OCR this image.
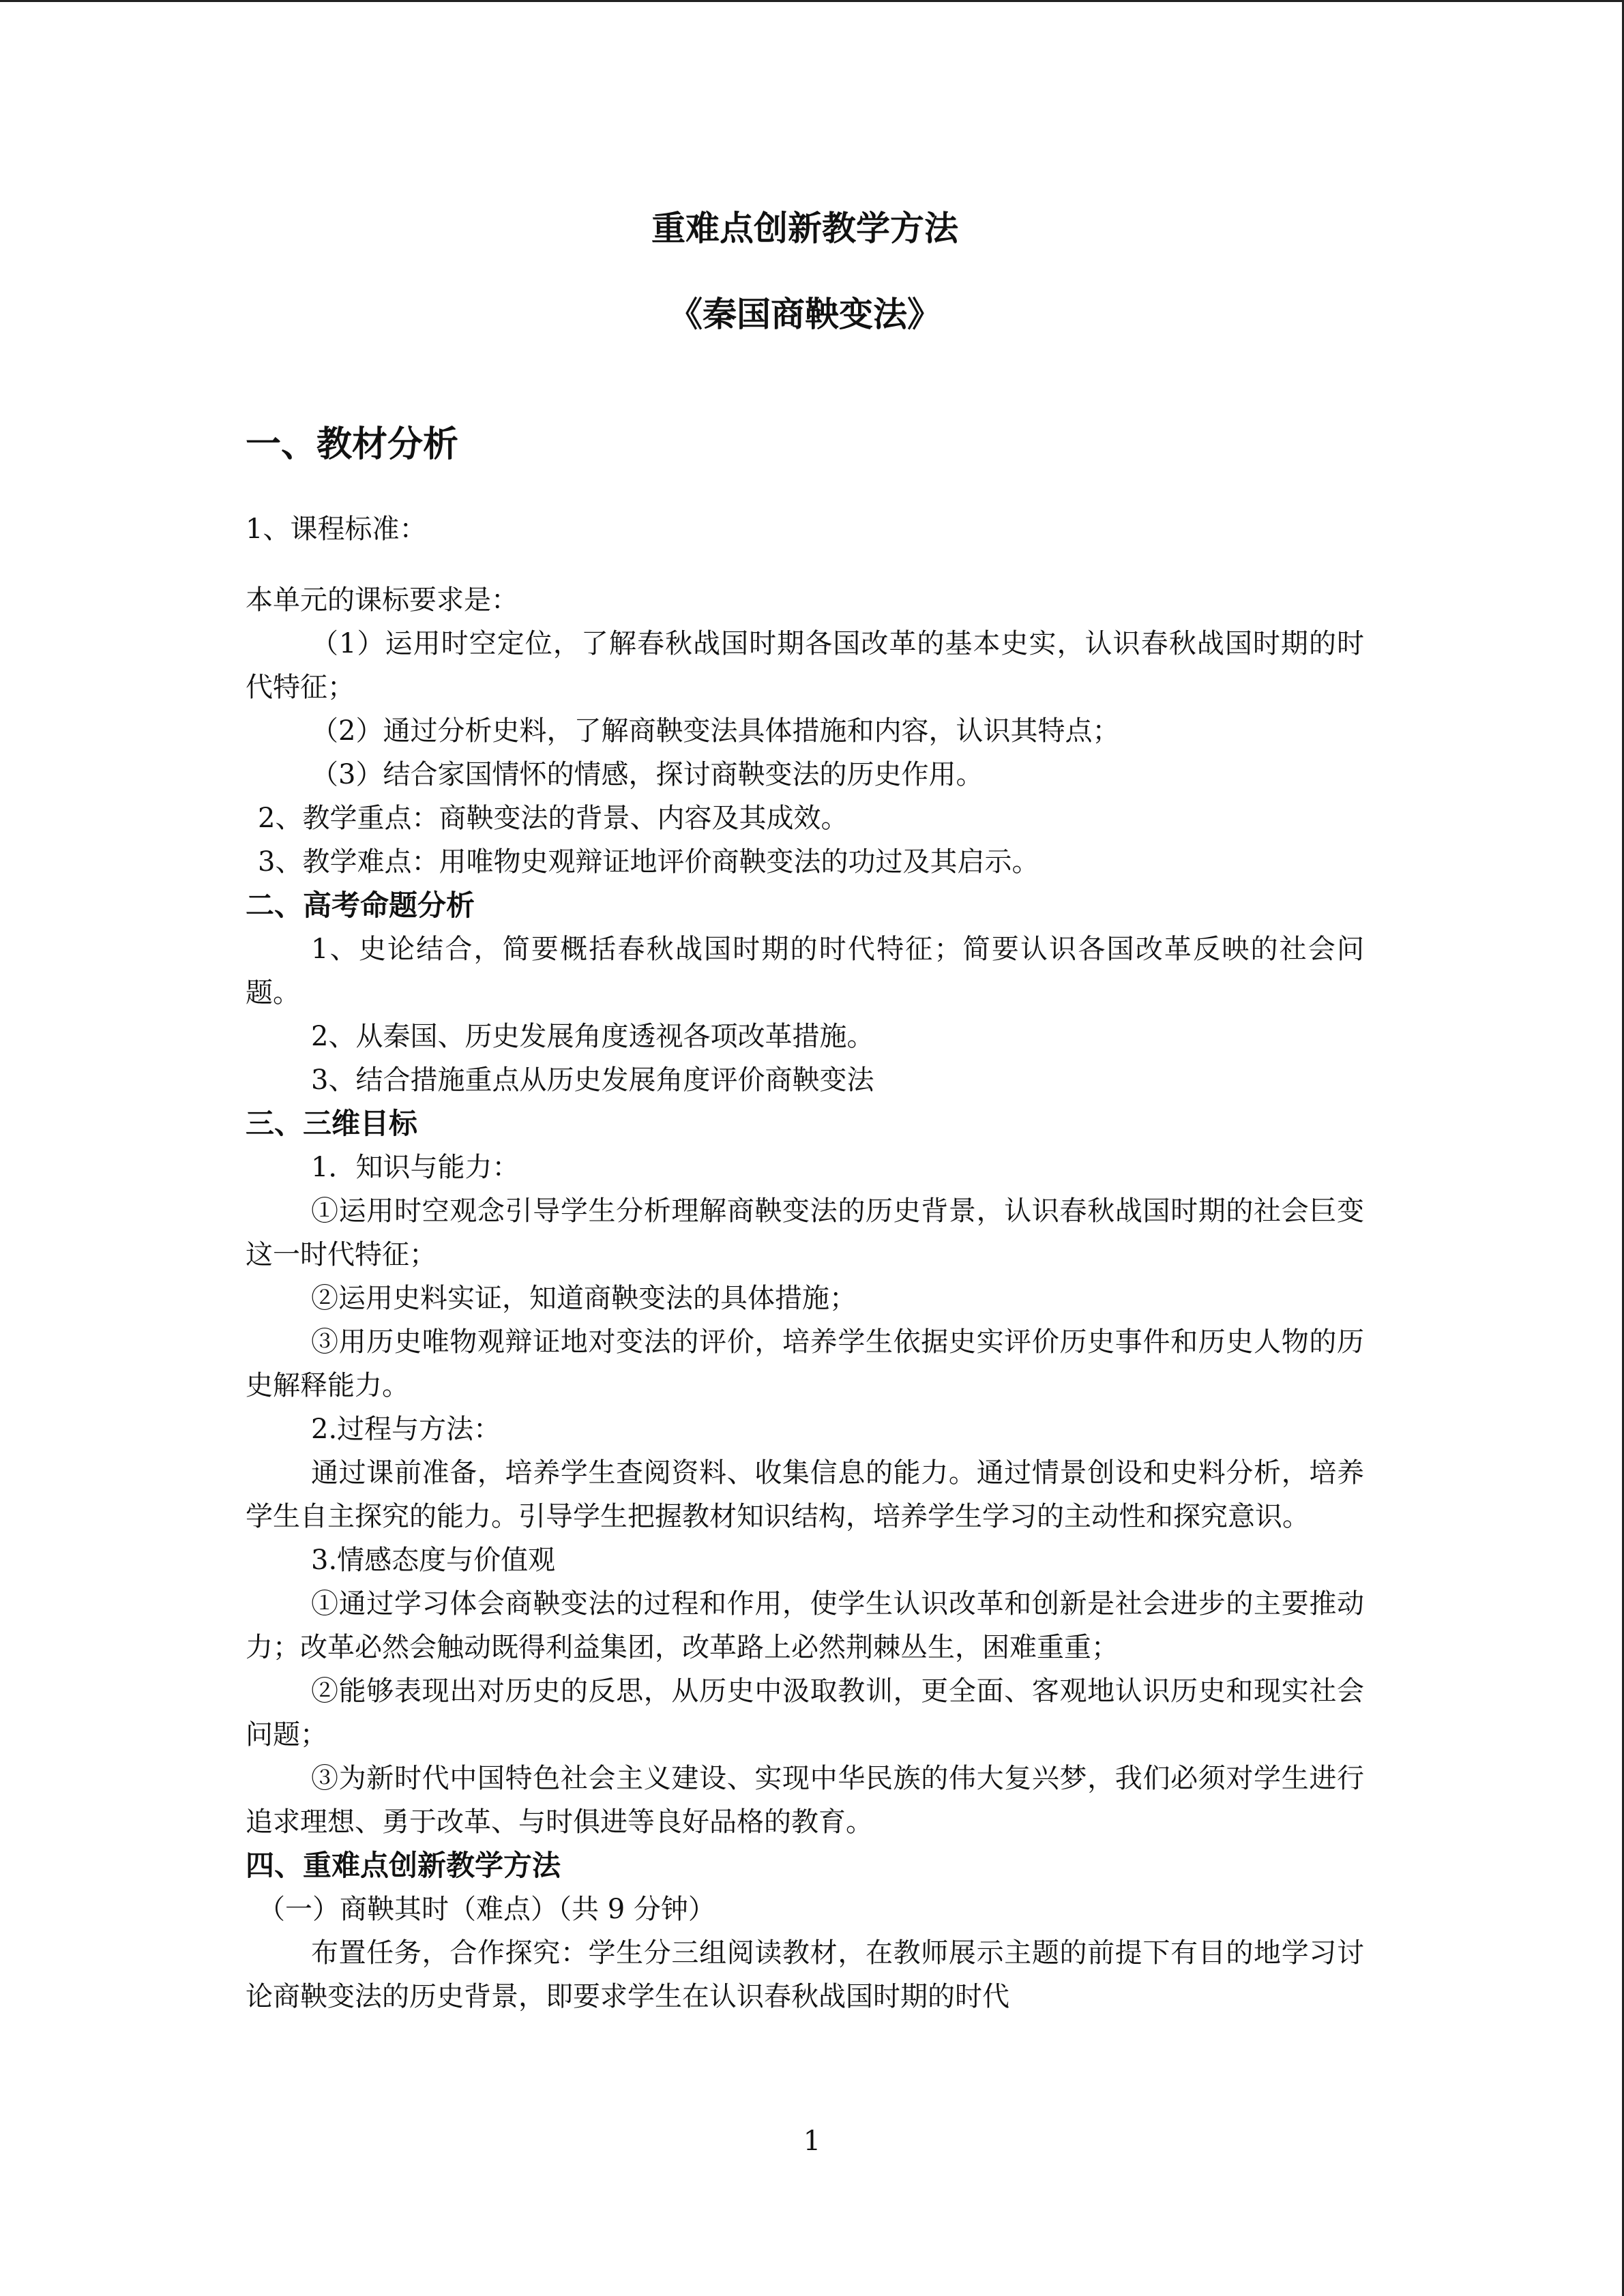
重难点创新教学方法
《秦国商鞅变法》
一、教材分析

1、课程标准：

本单元的课标要求是：

（1）运用时空定位，了解春秋战国时期各国改革的基本史实，认识春秋战国时期的时代特征；

（2）通过分析史料，了解商鞅变法具体措施和内容，认识其特点；

（3）结合家国情怀的情感，探讨商鞅变法的历史作用。

2、教学重点：商鞅变法的背景、内容及其成效。

3、教学难点：用唯物史观辩证地评价商鞅变法的功过及其启示。

二、高考命题分析

1、史论结合，简要概括春秋战国时期的时代特征；简要认识各国改革反映的社会问题。

2、从秦国、历史发展角度透视各项改革措施。

3、结合措施重点从历史发展角度评价商鞅变法

三、三维目标

1．知识与能力：

①运用时空观念引导学生分析理解商鞅变法的历史背景，认识春秋战国时期的社会巨变这一时代特征；

②运用史料实证，知道商鞅变法的具体措施；

③用历史唯物观辩证地对变法的评价，培养学生依据史实评价历史事件和历史人物的历史解释能力。

2.过程与方法：

通过课前准备，培养学生查阅资料、收集信息的能力。通过情景创设和史料分析，培养学生自主探究的能力。引导学生把握教材知识结构，培养学生学习的主动性和探究意识。

3.情感态度与价值观

①通过学习体会商鞅变法的过程和作用，使学生认识改革和创新是社会进步的主要推动力；改革必然会触动既得利益集团，改革路上必然荆棘丛生，困难重重；

②能够表现出对历史的反思，从历史中汲取教训，更全面、客观地认识历史和现实社会问题；

③为新时代中国特色社会主义建设、实现中华民族的伟大复兴梦，我们必须对学生进行追求理想、勇于改革、与时俱进等良好品格的教育。

四、重难点创新教学方法

（一）商鞅其时（难点）（共 9 分钟）

布置任务，合作探究：学生分三组阅读教材，在教师展示主题的前提下有目的地学习讨论商鞅变法的历史背景，即要求学生在认识春秋战国时期的时代

1
